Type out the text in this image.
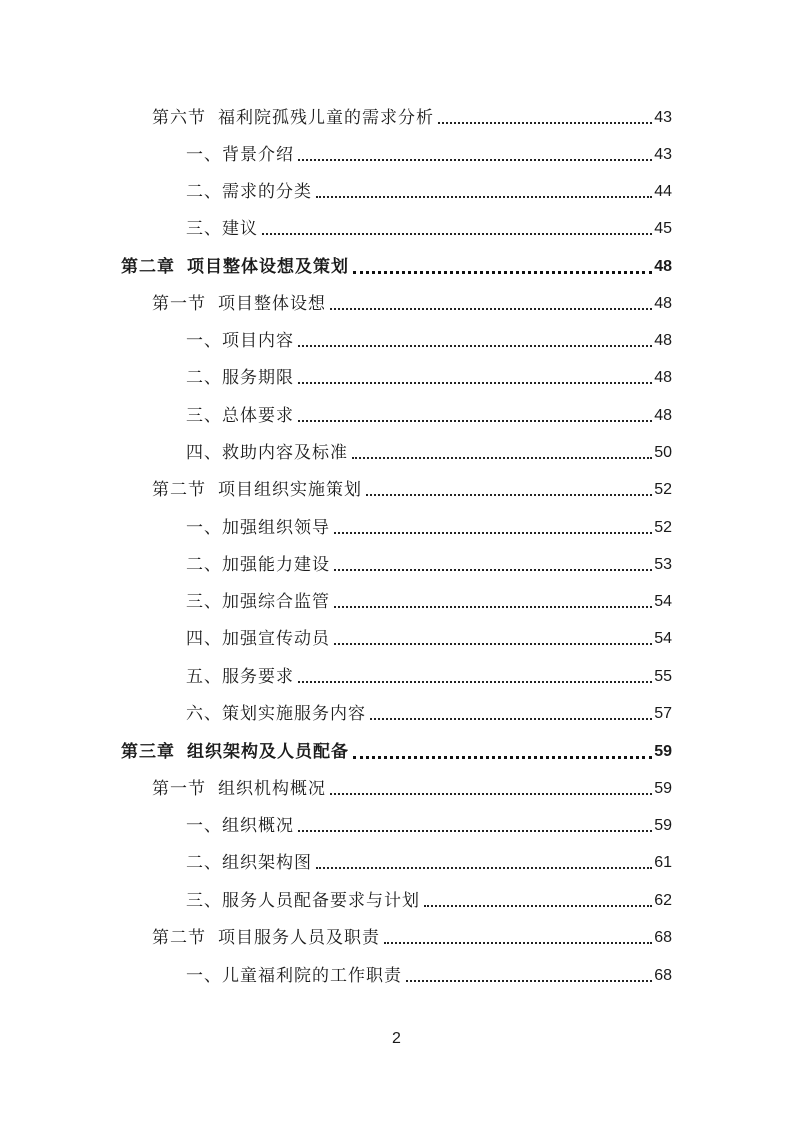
第六节 福利院孤残儿童的需求分析	43
一、背景介绍	43
二、需求的分类	44
三、建议	45
第二章 项目整体设想及策划	48
第一节 项目整体设想	48
一、项目内容	48
二、服务期限	48
三、总体要求	48
四、救助内容及标准	50
第二节 项目组织实施策划	52
一、加强组织领导	52
二、加强能力建设	53
三、加强综合监管	54
四、加强宣传动员	54
五、服务要求	55
六、策划实施服务内容	57
第三章 组织架构及人员配备	59
第一节 组织机构概况	59
一、组织概况	59
二、组织架构图	61
三、服务人员配备要求与计划	62
第二节 项目服务人员及职责	68
一、儿童福利院的工作职责	68
2
